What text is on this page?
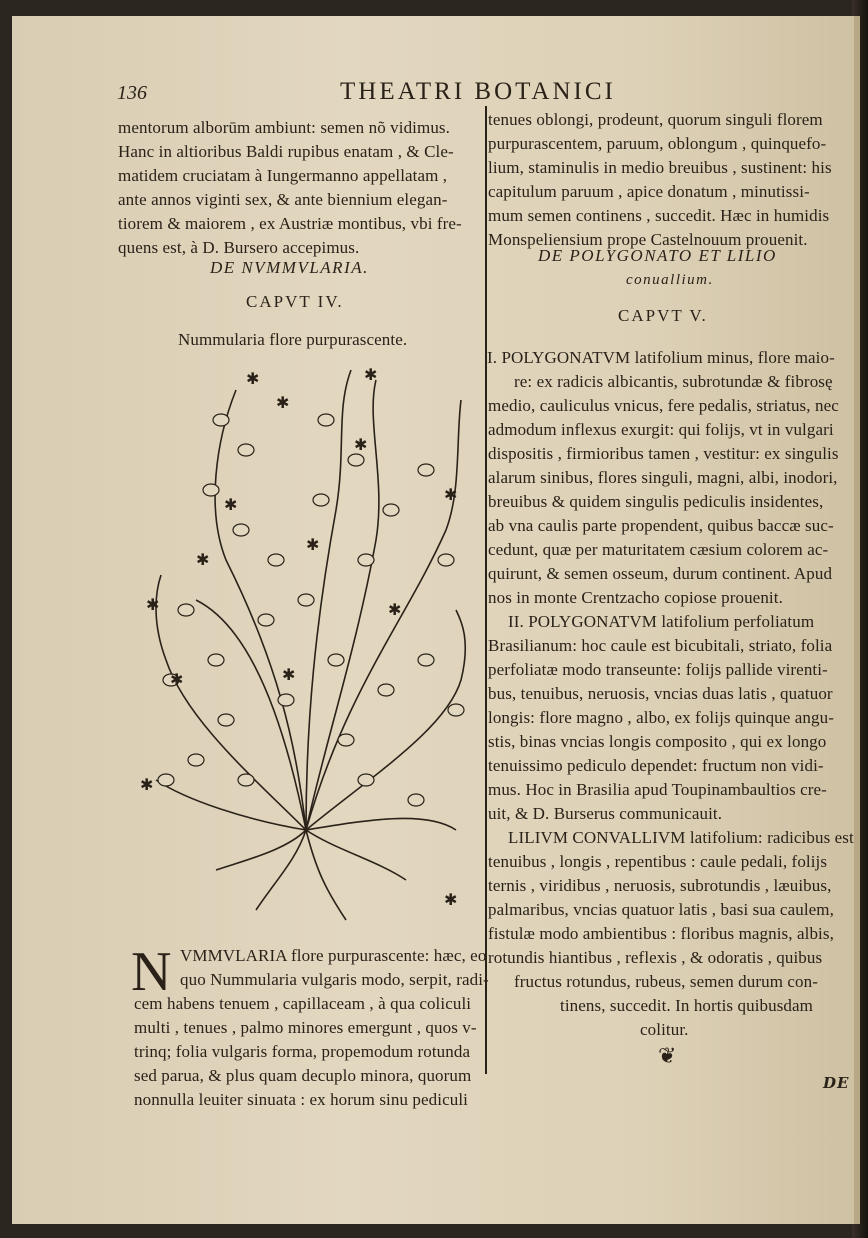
136	THEATRI BOTANICI
mentorum alborūm ambiunt: semen nõ vidimus.
Hanc in altioribus Baldi rupibus enatam , & Cle-
matidem cruciatam à Iungermanno appellatam ,
ante annos viginti sex, & ante biennium elegan-
tiorem & maiorem , ex Austriæ montibus, vbi fre-
quens est, à D. Bursero accepimus.
DE NVMMVLARIA.
CAPVT IV.
Nummularia flore purpurascente.
✱	✱
✱
✱
✱
✱
✱
✱
✱	✱
✱	✱
✱
✱
N VMMVLARIA flore purpurascente: hæc, eo
quo Nummularia vulgaris modo, serpit, radi-
cem habens tenuem , capillaceam , à qua coliculi
multi , tenues , palmo minores emergunt , quos v-
trinq; folia vulgaris forma, propemodum rotunda
sed parua, & plus quam decuplo minora, quorum
nonnulla leuiter sinuata : ex horum sinu pediculi
tenues oblongi, prodeunt, quorum singuli florem
purpurascentem, paruum, oblongum , quinquefo-
lium, staminulis in medio breuibus , sustinent: his
capitulum paruum , apice donatum , minutissi-
mum semen continens , succedit. Hæc in humidis
Monspeliensium prope Castelnouum prouenit.
DE POLYGONATO ET LILIO
conuallium.
CAPVT V.
I. POLYGONATVM latifolium minus, flore maio-
re: ex radicis albicantis, subrotundæ & fibrosę
medio, cauliculus vnicus, fere pedalis, striatus, nec
admodum inflexus exurgit: qui folijs, vt in vulgari
dispositis , firmioribus tamen , vestitur: ex singulis
alarum sinibus, flores singuli, magni, albi, inodori,
breuibus & quidem singulis pediculis insidentes,
ab vna caulis parte propendent, quibus baccæ suc-
cedunt, quæ per maturitatem cæsium colorem ac-
quirunt, & semen osseum, durum continent. Apud
nos in monte Crentzacho copiose prouenit.
II. POLYGONATVM latifolium perfoliatum
Brasilianum: hoc caule est bicubitali, striato, folia
perfoliatæ modo transeunte: folijs pallide virenti-
bus, tenuibus, neruosis, vncias duas latis , quatuor
longis: flore magno , albo, ex folijs quinque angu-
stis, binas vncias longis composito , qui ex longo
tenuissimo pediculo dependet: fructum non vidi-
mus. Hoc in Brasilia apud Toupinambaultios cre-
uit, & D. Burserus communicauit.
LILIVM CONVALLIVM latifolium: radicibus est
tenuibus , longis , repentibus : caule pedali, folijs
ternis , viridibus , neruosis, subrotundis , læuibus,
palmaribus, vncias quatuor latis , basi sua caulem,
fistulæ modo ambientibus : floribus magnis, albis,
rotundis hiantibus , reflexis , & odoratis , quibus
fructus rotundus, rubeus, semen durum con-
tinens, succedit. In hortis quibusdam
colitur.
❦
DE
